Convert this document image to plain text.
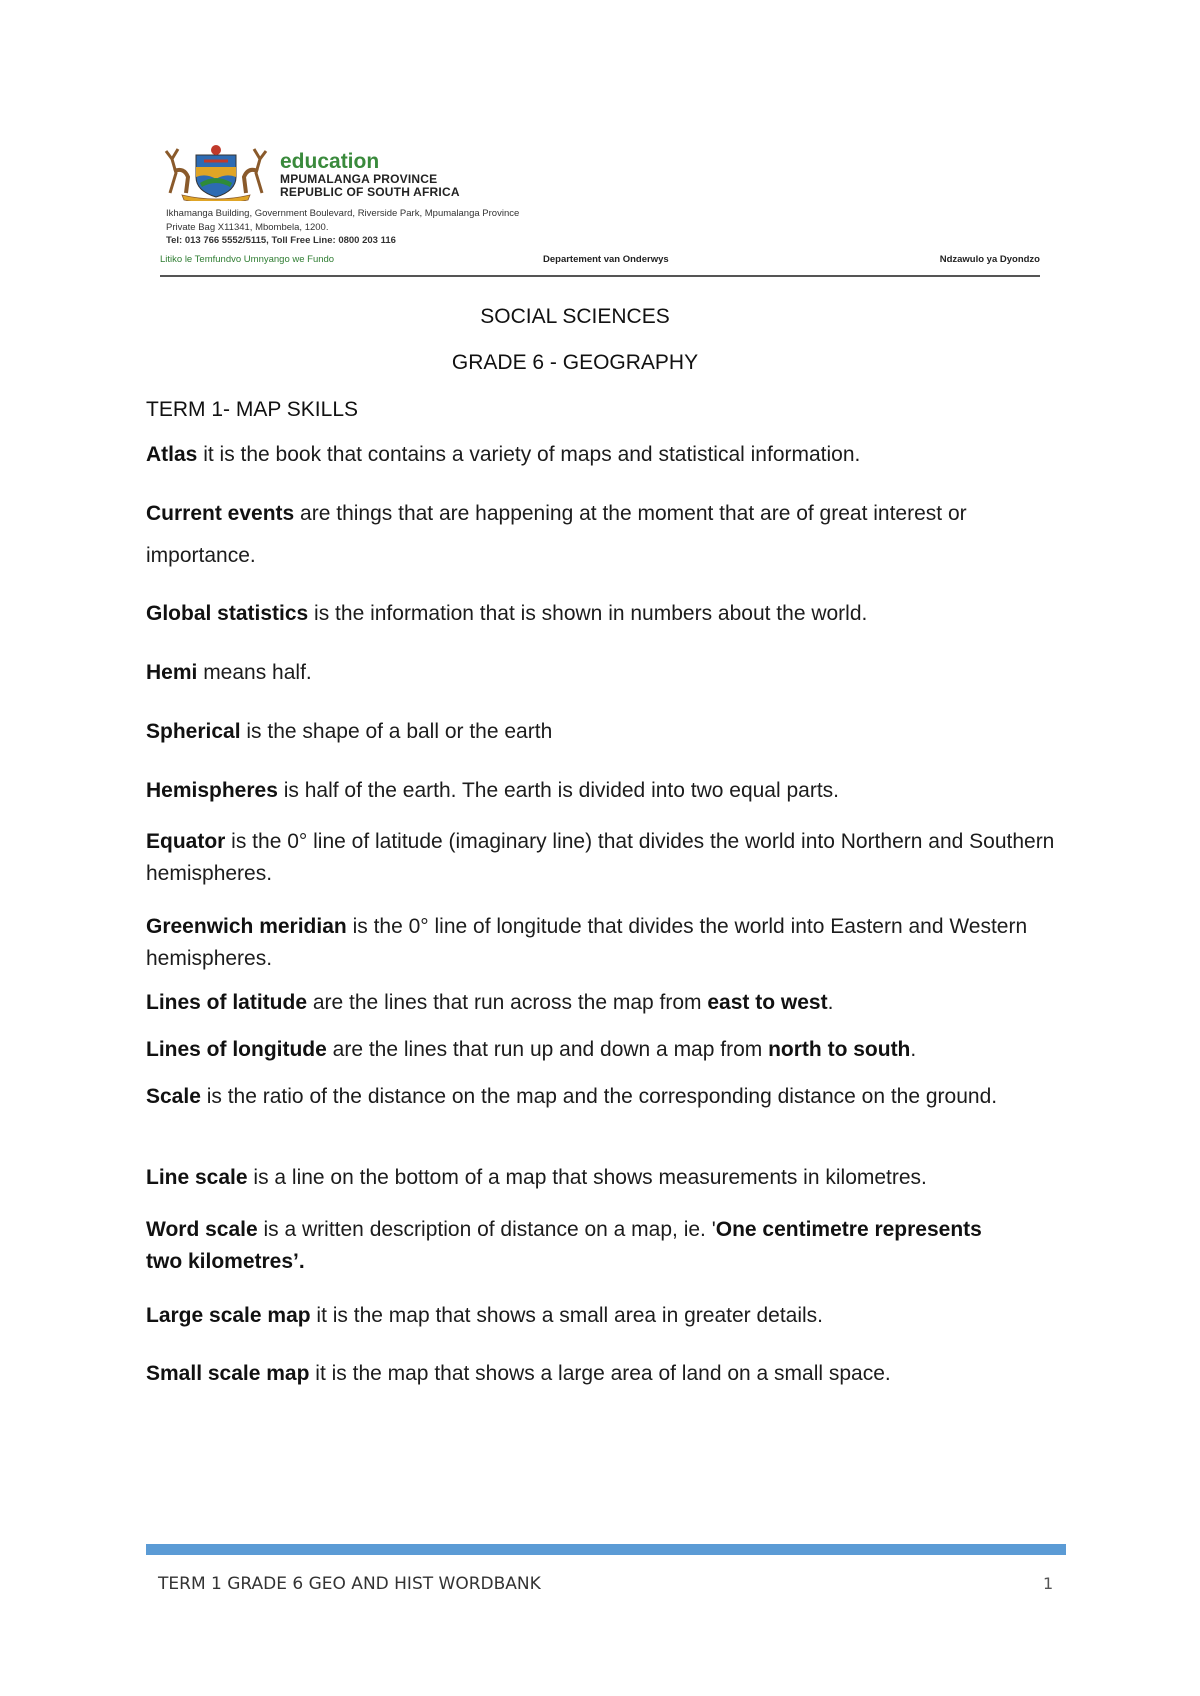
education
MPUMALANGA PROVINCE
REPUBLIC OF SOUTH AFRICA
Ikhamanga Building, Government Boulevard, Riverside Park, Mpumalanga Province
Private Bag X11341, Mbombela, 1200.
Tel: 013 766 5552/5115, Toll Free Line: 0800 203 116
Litiko le Temfundvo Umnyango we Fundo	Departement van Onderwys	Ndzawulo ya Dyondzo
SOCIAL SCIENCES
GRADE 6 - GEOGRAPHY
TERM 1- MAP SKILLS
Atlas it is the book that contains a variety of maps and statistical information.
Current events are things that are happening at the moment that are of great interest or importance.
Global statistics is the information that is shown in numbers about the world.
Hemi means half.
Spherical is the shape of a ball or the earth
Hemispheres is half of the earth. The earth is divided into two equal parts.
Equator is the 0° line of latitude (imaginary line) that divides the world into Northern and Southern hemispheres.
Greenwich meridian is the 0° line of longitude that divides the world into Eastern and Western hemispheres.
Lines of latitude are the lines that run across the map from east to west.
Lines of longitude are the lines that run up and down a map from north to south.
Scale is the ratio of the distance on the map and the corresponding distance on the ground.
Line scale is a line on the bottom of a map that shows measurements in kilometres.
Word scale is a written description of distance on a map, ie. 'One centimetre represents two kilometres’.
Large scale map it is the map that shows a small area in greater details.
Small scale map it is the map that shows a large area of land on a small space.
TERM 1 GRADE 6 GEO AND HIST WORDBANK	1
